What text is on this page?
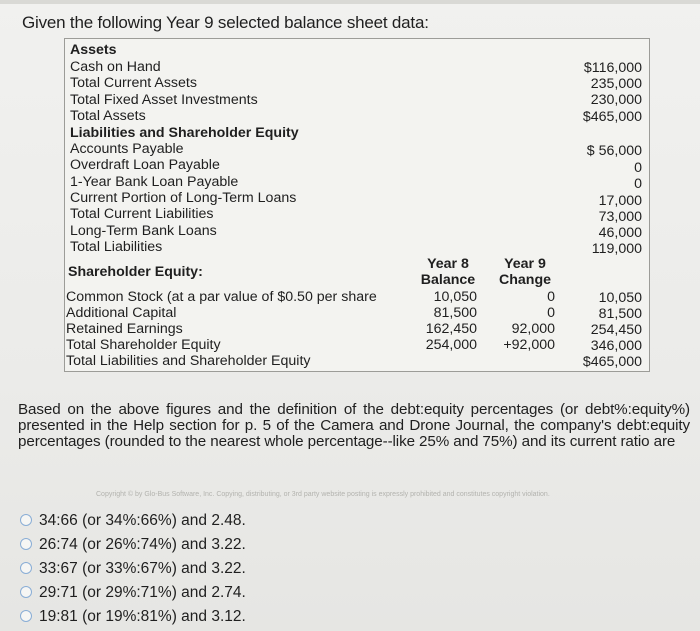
Given the following Year 9 selected balance sheet data:
Assets
Cash on Hand
Total Current Assets
Total Fixed Asset Investments
Total Assets
$116,000
235,000
230,000
$465,000
Liabilities and Shareholder Equity
Accounts Payable
Overdraft Loan Payable
1-Year Bank Loan Payable
Current Portion of Long-Term Loans
Total Current Liabilities
Long-Term Bank Loans
Total Liabilities
$ 56,000
0
0
17,000
73,000
46,000
119,000
Shareholder Equity:	Year 8
Balance
Year 9
Change
Common Stock (at a par value of $0.50 per share
Additional Capital
Retained Earnings
Total Shareholder Equity
Total Liabilities and Shareholder Equity
10,050
81,500
162,450
254,000
0
0
92,000
+92,000
10,050
81,500
254,450
346,000
$465,000
Based on the above figures and the definition of the debt:equity percentages (or debt%:equity%) presented in the Help section for p. 5 of the Camera and Drone Journal, the company's debt:equity percentages (rounded to the nearest whole percentage--like 25% and 75%) and its current ratio are
Copyright © by Glo-Bus Software, Inc. Copying, distributing, or 3rd party website posting is expressly prohibited and constitutes copyright violation.
34:66 (or 34%:66%) and 2.48.
26:74 (or 26%:74%) and 3.22.
33:67 (or 33%:67%) and 3.22.
29:71 (or 29%:71%) and 2.74.
19:81 (or 19%:81%) and 3.12.
